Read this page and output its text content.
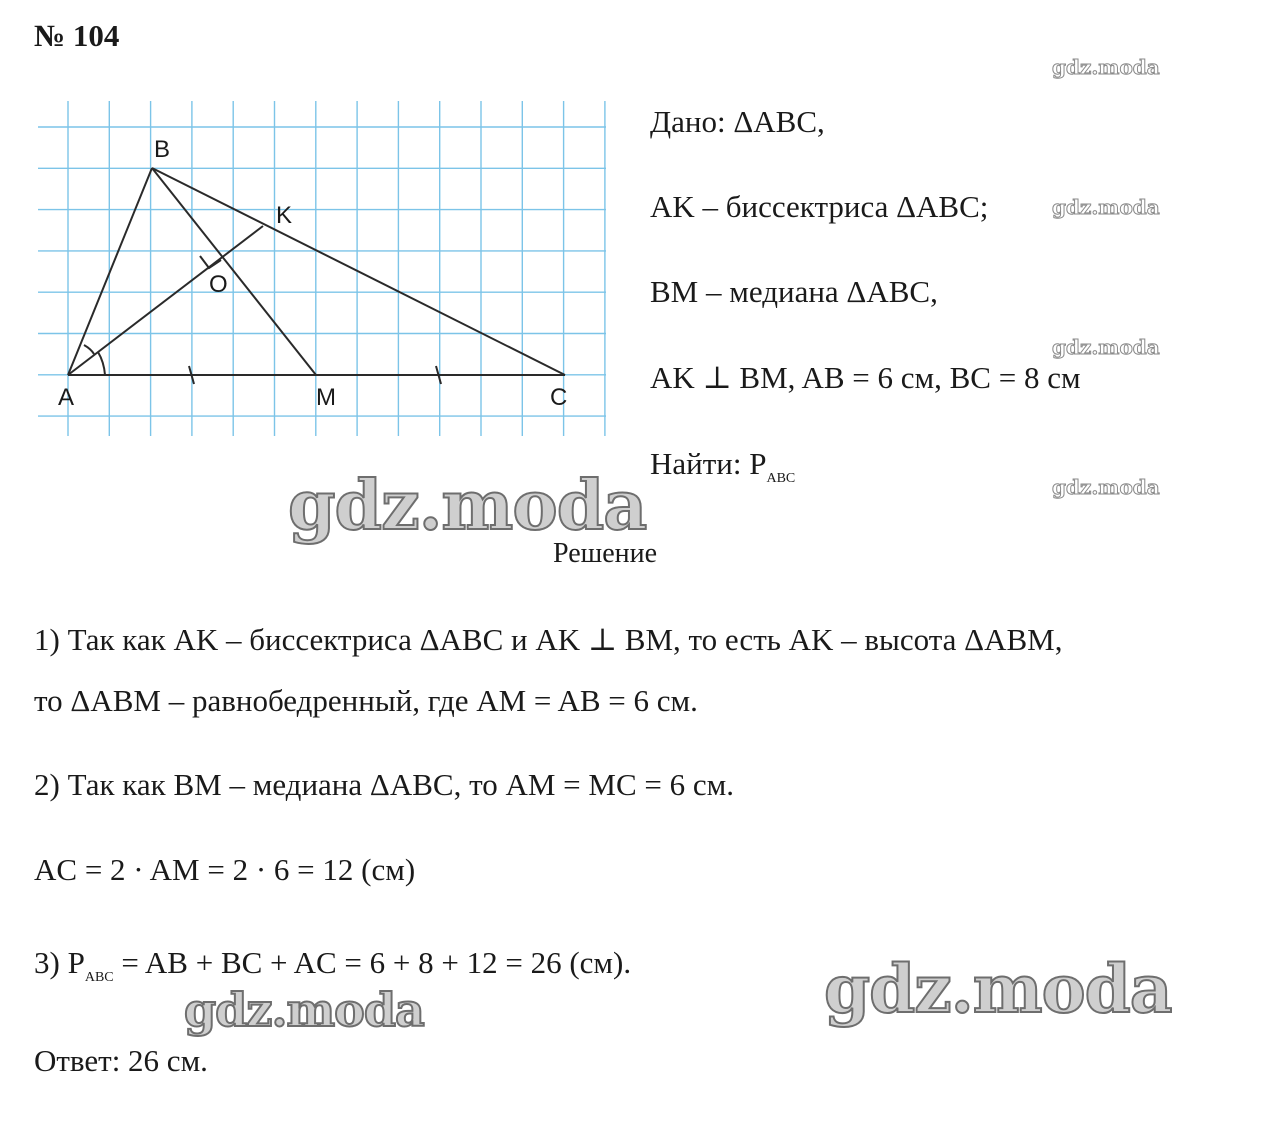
№ 104
B
K
O
A	M	C
Дано: ΔABC,
AK – биссектриса ΔABC;
BM – медиана ΔABC,
AK ⊥ BM, AB = 6 см, BC = 8 см
Найти: $P_{ABC}$
gdz.moda
gdz.moda
gdz.moda
gdz.moda
gdz.moda
gdz.moda
gdz.moda
Решение
1) Так как AK – биссектриса ΔABC и AK ⊥ BM, то есть AK – высота ΔABM,
то ΔABM – равнобедренный, где AM = AB = 6 см.
2) Так как BM – медиана ΔABC, то AM = MC = 6 см.
AC = 2 · AM = 2 · 6 = 12 (см)
3) $P_{ABC}$ = AB + BC + AC = 6 + 8 + 12 = 26 (см).
Ответ: 26 см.
